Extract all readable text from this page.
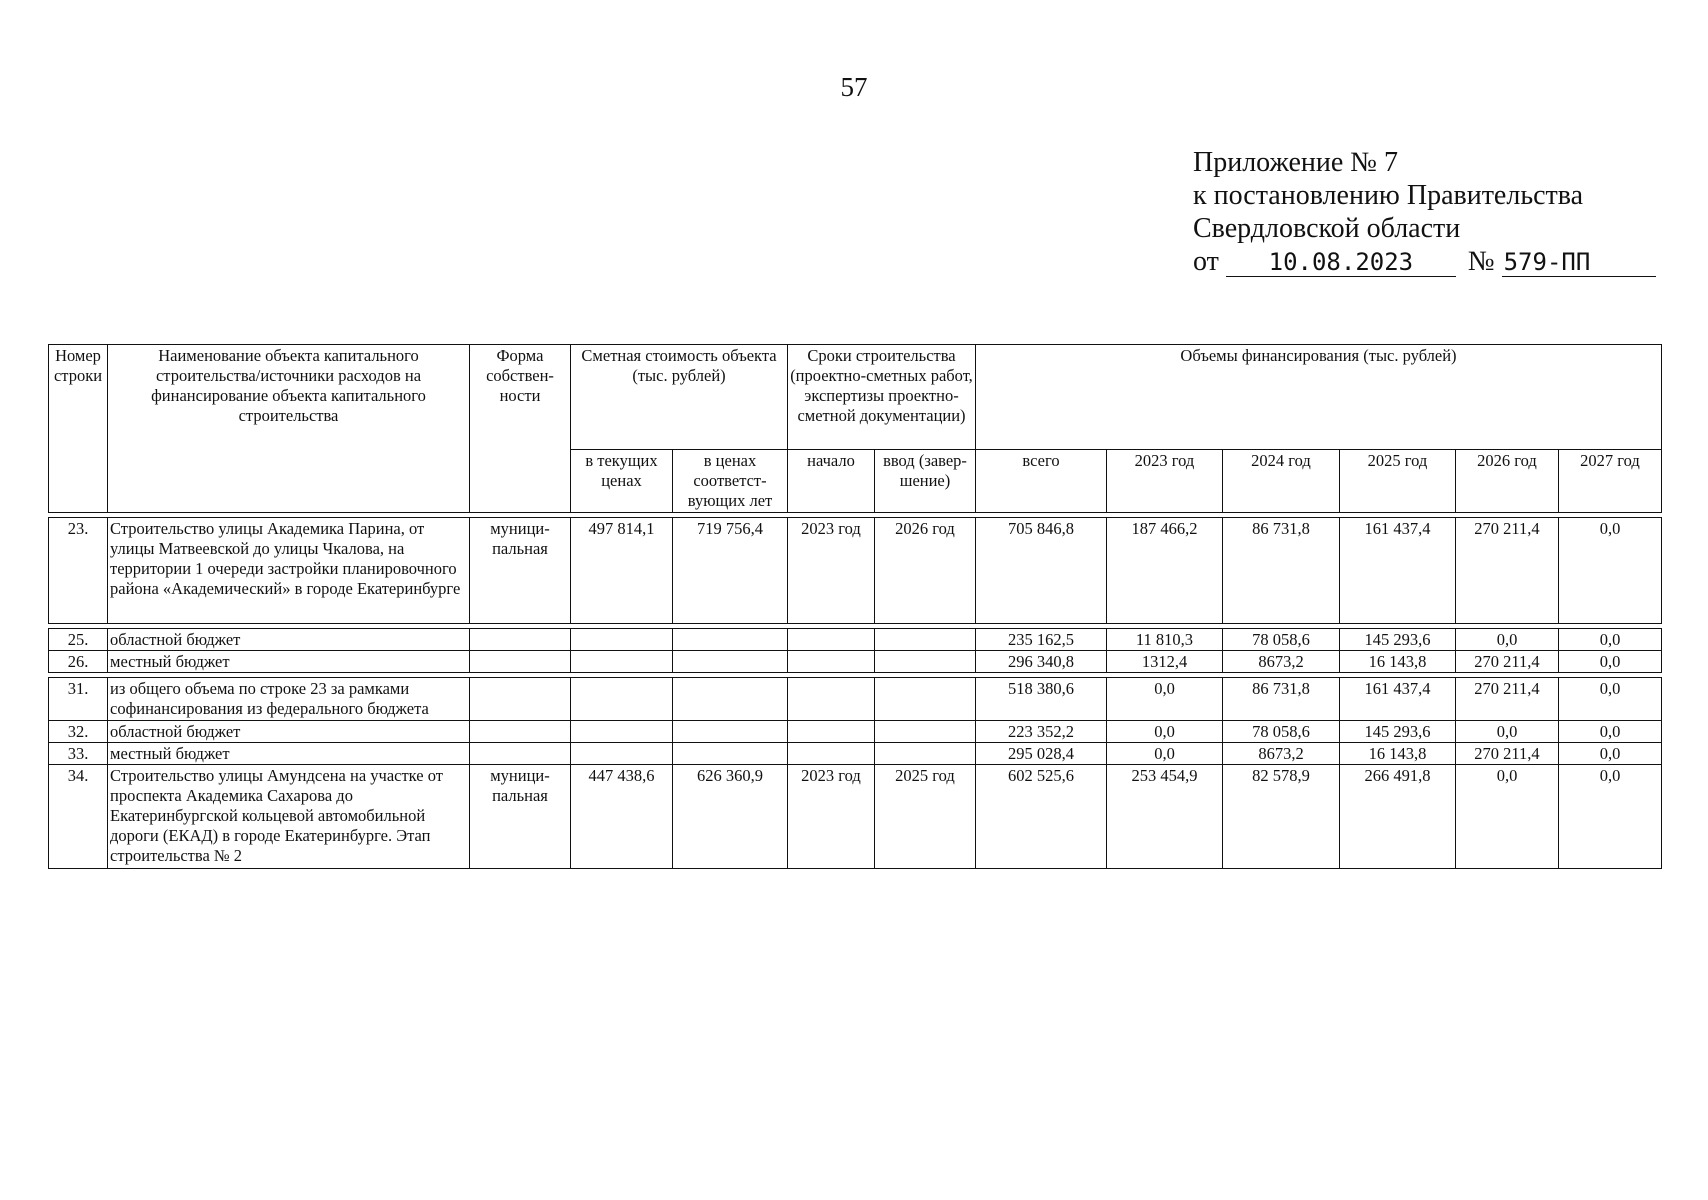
57
Приложение № 7
к постановлению Правительства
Свердловской области
от 10.08.2023 № 579-ПП
Номер строки	Наименование объекта капитального строительства/источники расходов на финансирование объекта капитального строительства	Форма собствен-ности	Сметная стоимость объекта (тыс. рублей)		Сроки строительства (проектно-сметных работ, экспертизы проектно-сметной документации)		Объемы финансирования (тыс. рублей)					
			в текущих ценах	в ценах соответст-вующих лет	начало	ввод (завер-шение)	всего	2023 год	2024 год	2025 год	2026 год	2027 год

23.	Строительство улицы Академика Парина, от улицы Матвеевской до улицы Чкалова, на территории 1 очереди застройки планировочного района «Академический» в городе Екатеринбурге	муници-пальная	497 814,1	719 756,4	2023 год	2026 год	705 846,8	187 466,2	86 731,8	161 437,4	270 211,4	0,0

25.	областной бюджет						235 162,5	11 810,3	78 058,6	145 293,6	0,0	0,0
26.	местный бюджет						296 340,8	1312,4	8673,2	16 143,8	270 211,4	0,0

31.	из общего объема по строке 23 за рамками софинансирования из федерального бюджета						518 380,6	0,0	86 731,8	161 437,4	270 211,4	0,0
32.	областной бюджет						223 352,2	0,0	78 058,6	145 293,6	0,0	0,0
33.	местный бюджет						295 028,4	0,0	8673,2	16 143,8	270 211,4	0,0
34.	Строительство улицы Амундсена на участке от проспекта Академика Сахарова до Екатеринбургской кольцевой автомобильной дороги (ЕКАД) в городе Екатеринбурге. Этап строительства № 2	муници-пальная	447 438,6	626 360,9	2023 год	2025 год	602 525,6	253 454,9	82 578,9	266 491,8	0,0	0,0
